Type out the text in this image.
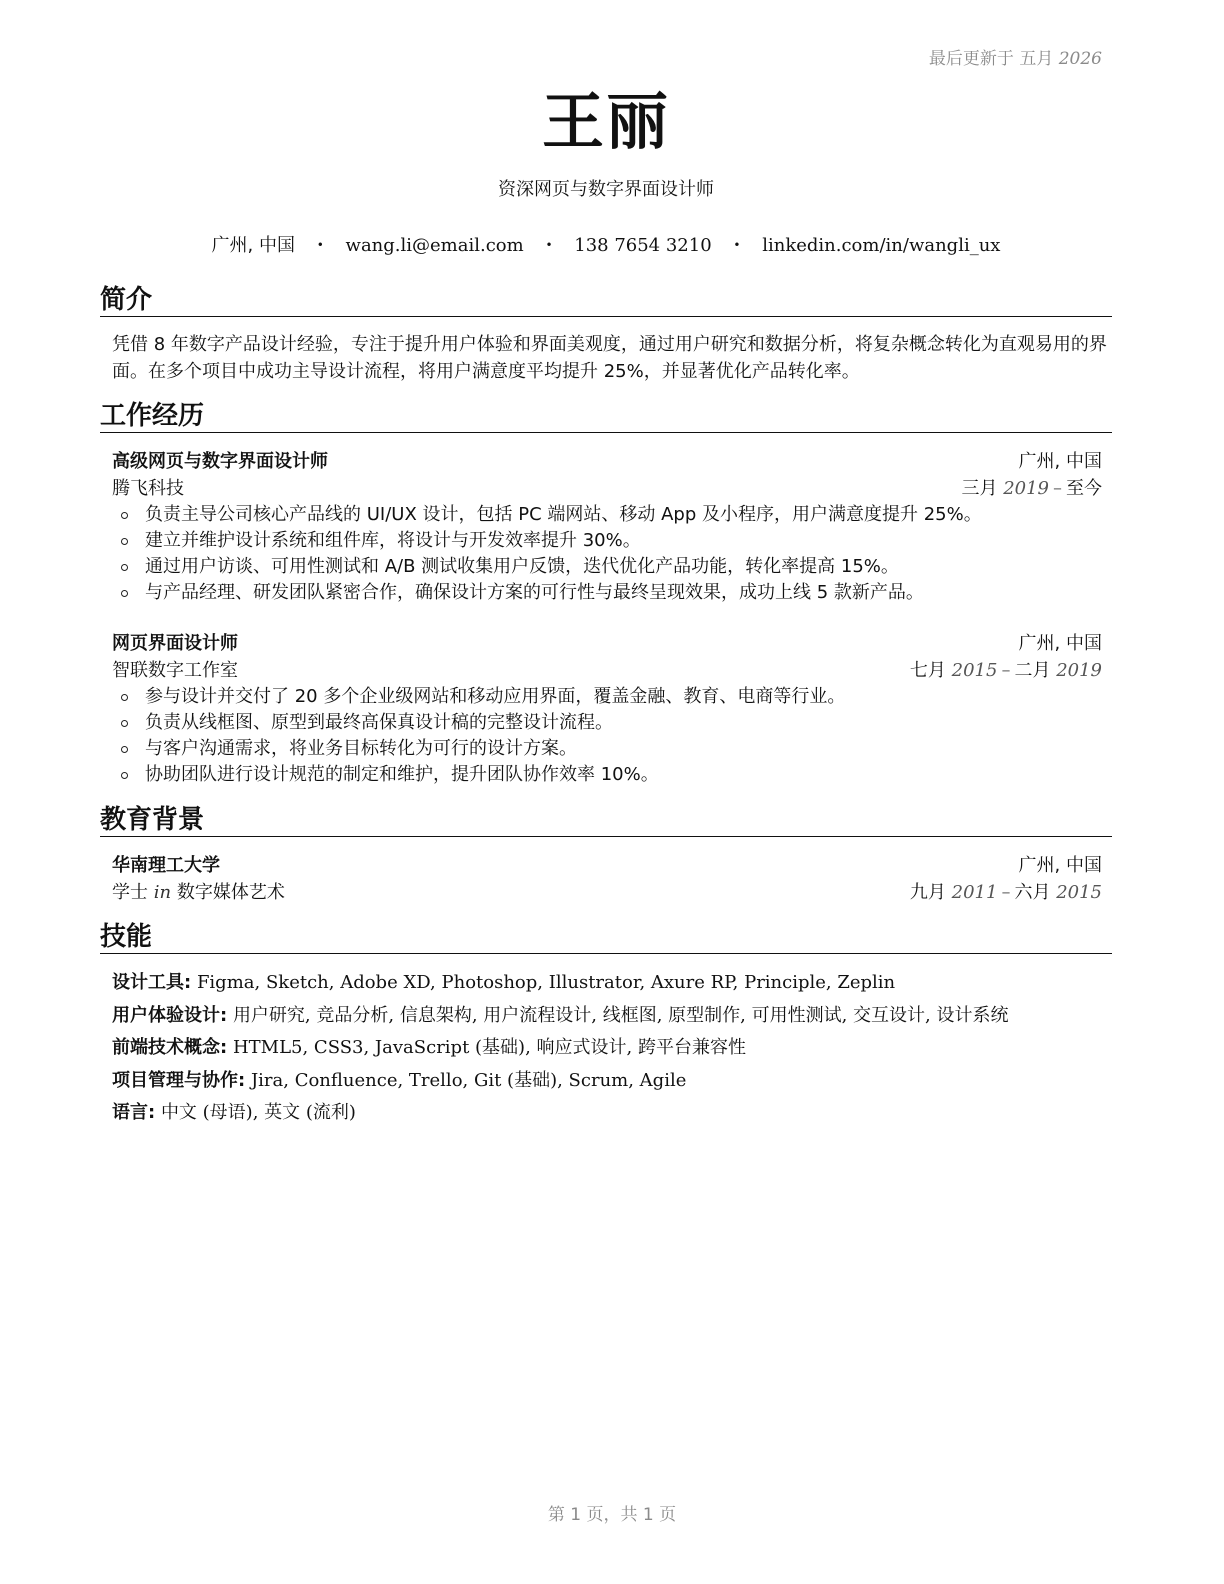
最后更新于 五月 2026
王丽
资深网页与数字界面设计师
广州, 中国 • wang.li@email.com • 138 7654 3210 • linkedin.com/in/wangli_ux
简介
凭借 8 年数字产品设计经验，专注于提升用户体验和界面美观度，通过用户研究和数据分析，将复杂概念转化为直观易用的界面。在多个项目中成功主导设计流程，将用户满意度平均提升 25%，并显著优化产品转化率。
工作经历
高级网页与数字界面设计师	广州, 中国
腾飞科技	三月 2019 – 至今
负责主导公司核心产品线的 UI/UX 设计，包括 PC 端网站、移动 App 及小程序，用户满意度提升 25%。
建立并维护设计系统和组件库，将设计与开发效率提升 30%。
通过用户访谈、可用性测试和 A/B 测试收集用户反馈，迭代优化产品功能，转化率提高 15%。
与产品经理、研发团队紧密合作，确保设计方案的可行性与最终呈现效果，成功上线 5 款新产品。
网页界面设计师	广州, 中国
智联数字工作室	七月 2015 – 二月 2019
参与设计并交付了 20 多个企业级网站和移动应用界面，覆盖金融、教育、电商等行业。
负责从线框图、原型到最终高保真设计稿的完整设计流程。
与客户沟通需求，将业务目标转化为可行的设计方案。
协助团队进行设计规范的制定和维护，提升团队协作效率 10%。
教育背景
华南理工大学	广州, 中国
学士 in 数字媒体艺术	九月 2011 – 六月 2015
技能
设计工具: Figma, Sketch, Adobe XD, Photoshop, Illustrator, Axure RP, Principle, Zeplin
用户体验设计: 用户研究, 竞品分析, 信息架构, 用户流程设计, 线框图, 原型制作, 可用性测试, 交互设计, 设计系统
前端技术概念: HTML5, CSS3, JavaScript (基础), 响应式设计, 跨平台兼容性
项目管理与协作: Jira, Confluence, Trello, Git (基础), Scrum, Agile
语言: 中文 (母语), 英文 (流利)
第 1 页，共 1 页
